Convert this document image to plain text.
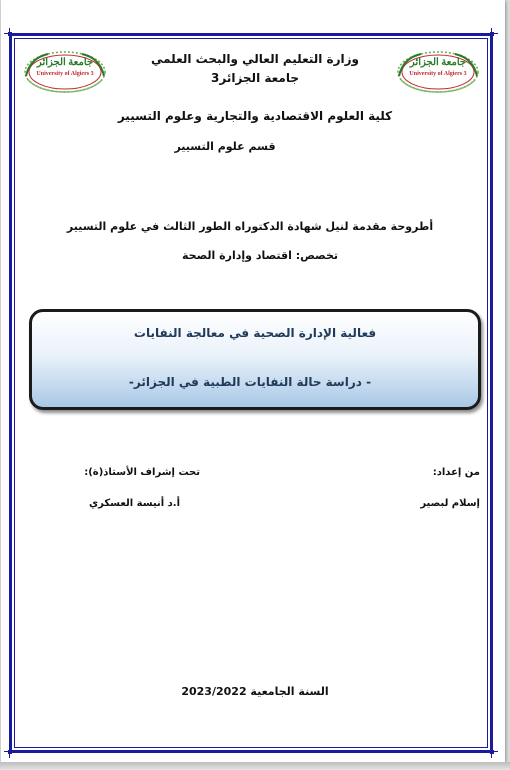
جامعة الجزائر
University of Algiers 3
جامعة الجزائر
University of Algiers 3
وزارة التعليم العالي والبحث العلمي
جامعة الجزائر3
كلية العلوم الاقتصادية والتجارية وعلوم التسيير
قسم علوم التسيير
أطروحة مقدمة لنيل شهادة الدكتوراه الطور الثالث في علوم التسيير
تخصص: اقتصاد وإدارة الصحة
فعالية الإدارة الصحية في معالجة النفايات
- دراسة حالة النفايات الطبية في الجزائر-
من إعداد:
تحت إشراف الأستاذ(ة):
إسلام لبصير
أ.د أنيسة العسكري
السنة الجامعية 2023/2022
